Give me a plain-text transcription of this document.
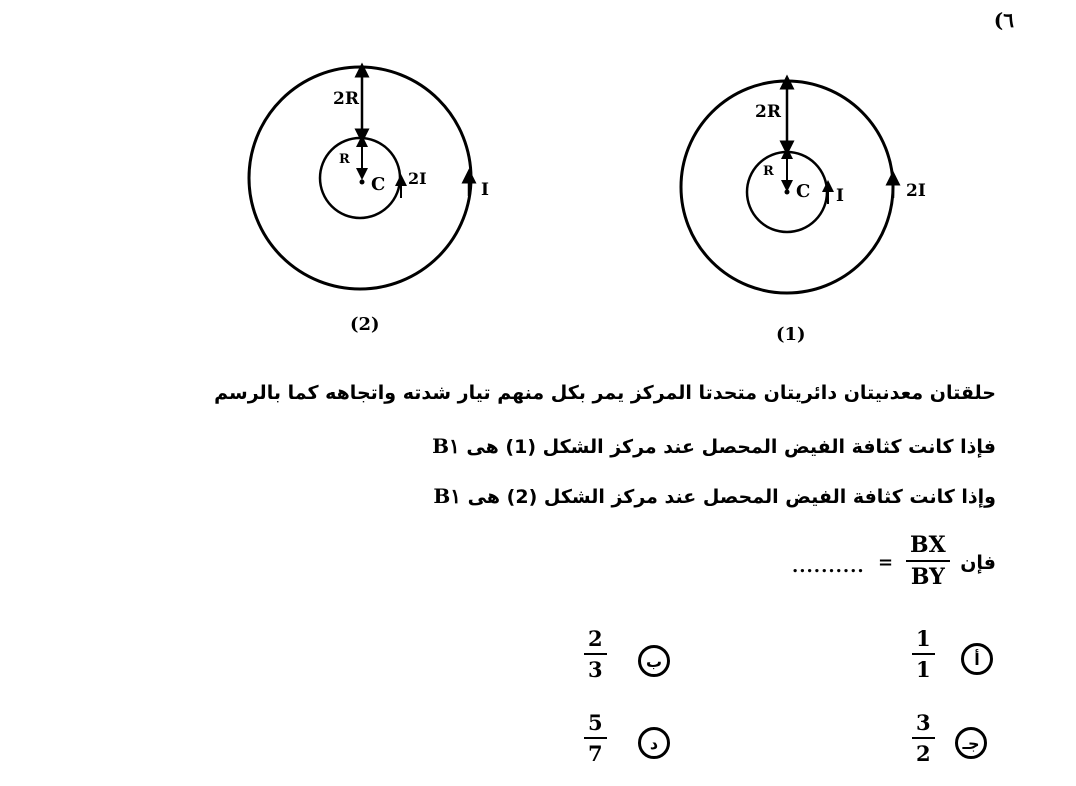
(٦
2R
R
C 2I
I
(2)
2R
R
C I	2I
(1)
حلقتان معدنيتان دائريتان متحدتا المركز يمر بكل منهم تيار شدته واتجاهه كما بالرسم
فإذا كانت كثافة الفيض المحصل عند مركز الشكل (1) هى B١
وإذا كانت كثافة الفيض المحصل عند مركز الشكل (2) هى B١
فإن
BX
BY
=
..........
أ
1
1
ب
2
3
جـ
3
2
د
5
7
